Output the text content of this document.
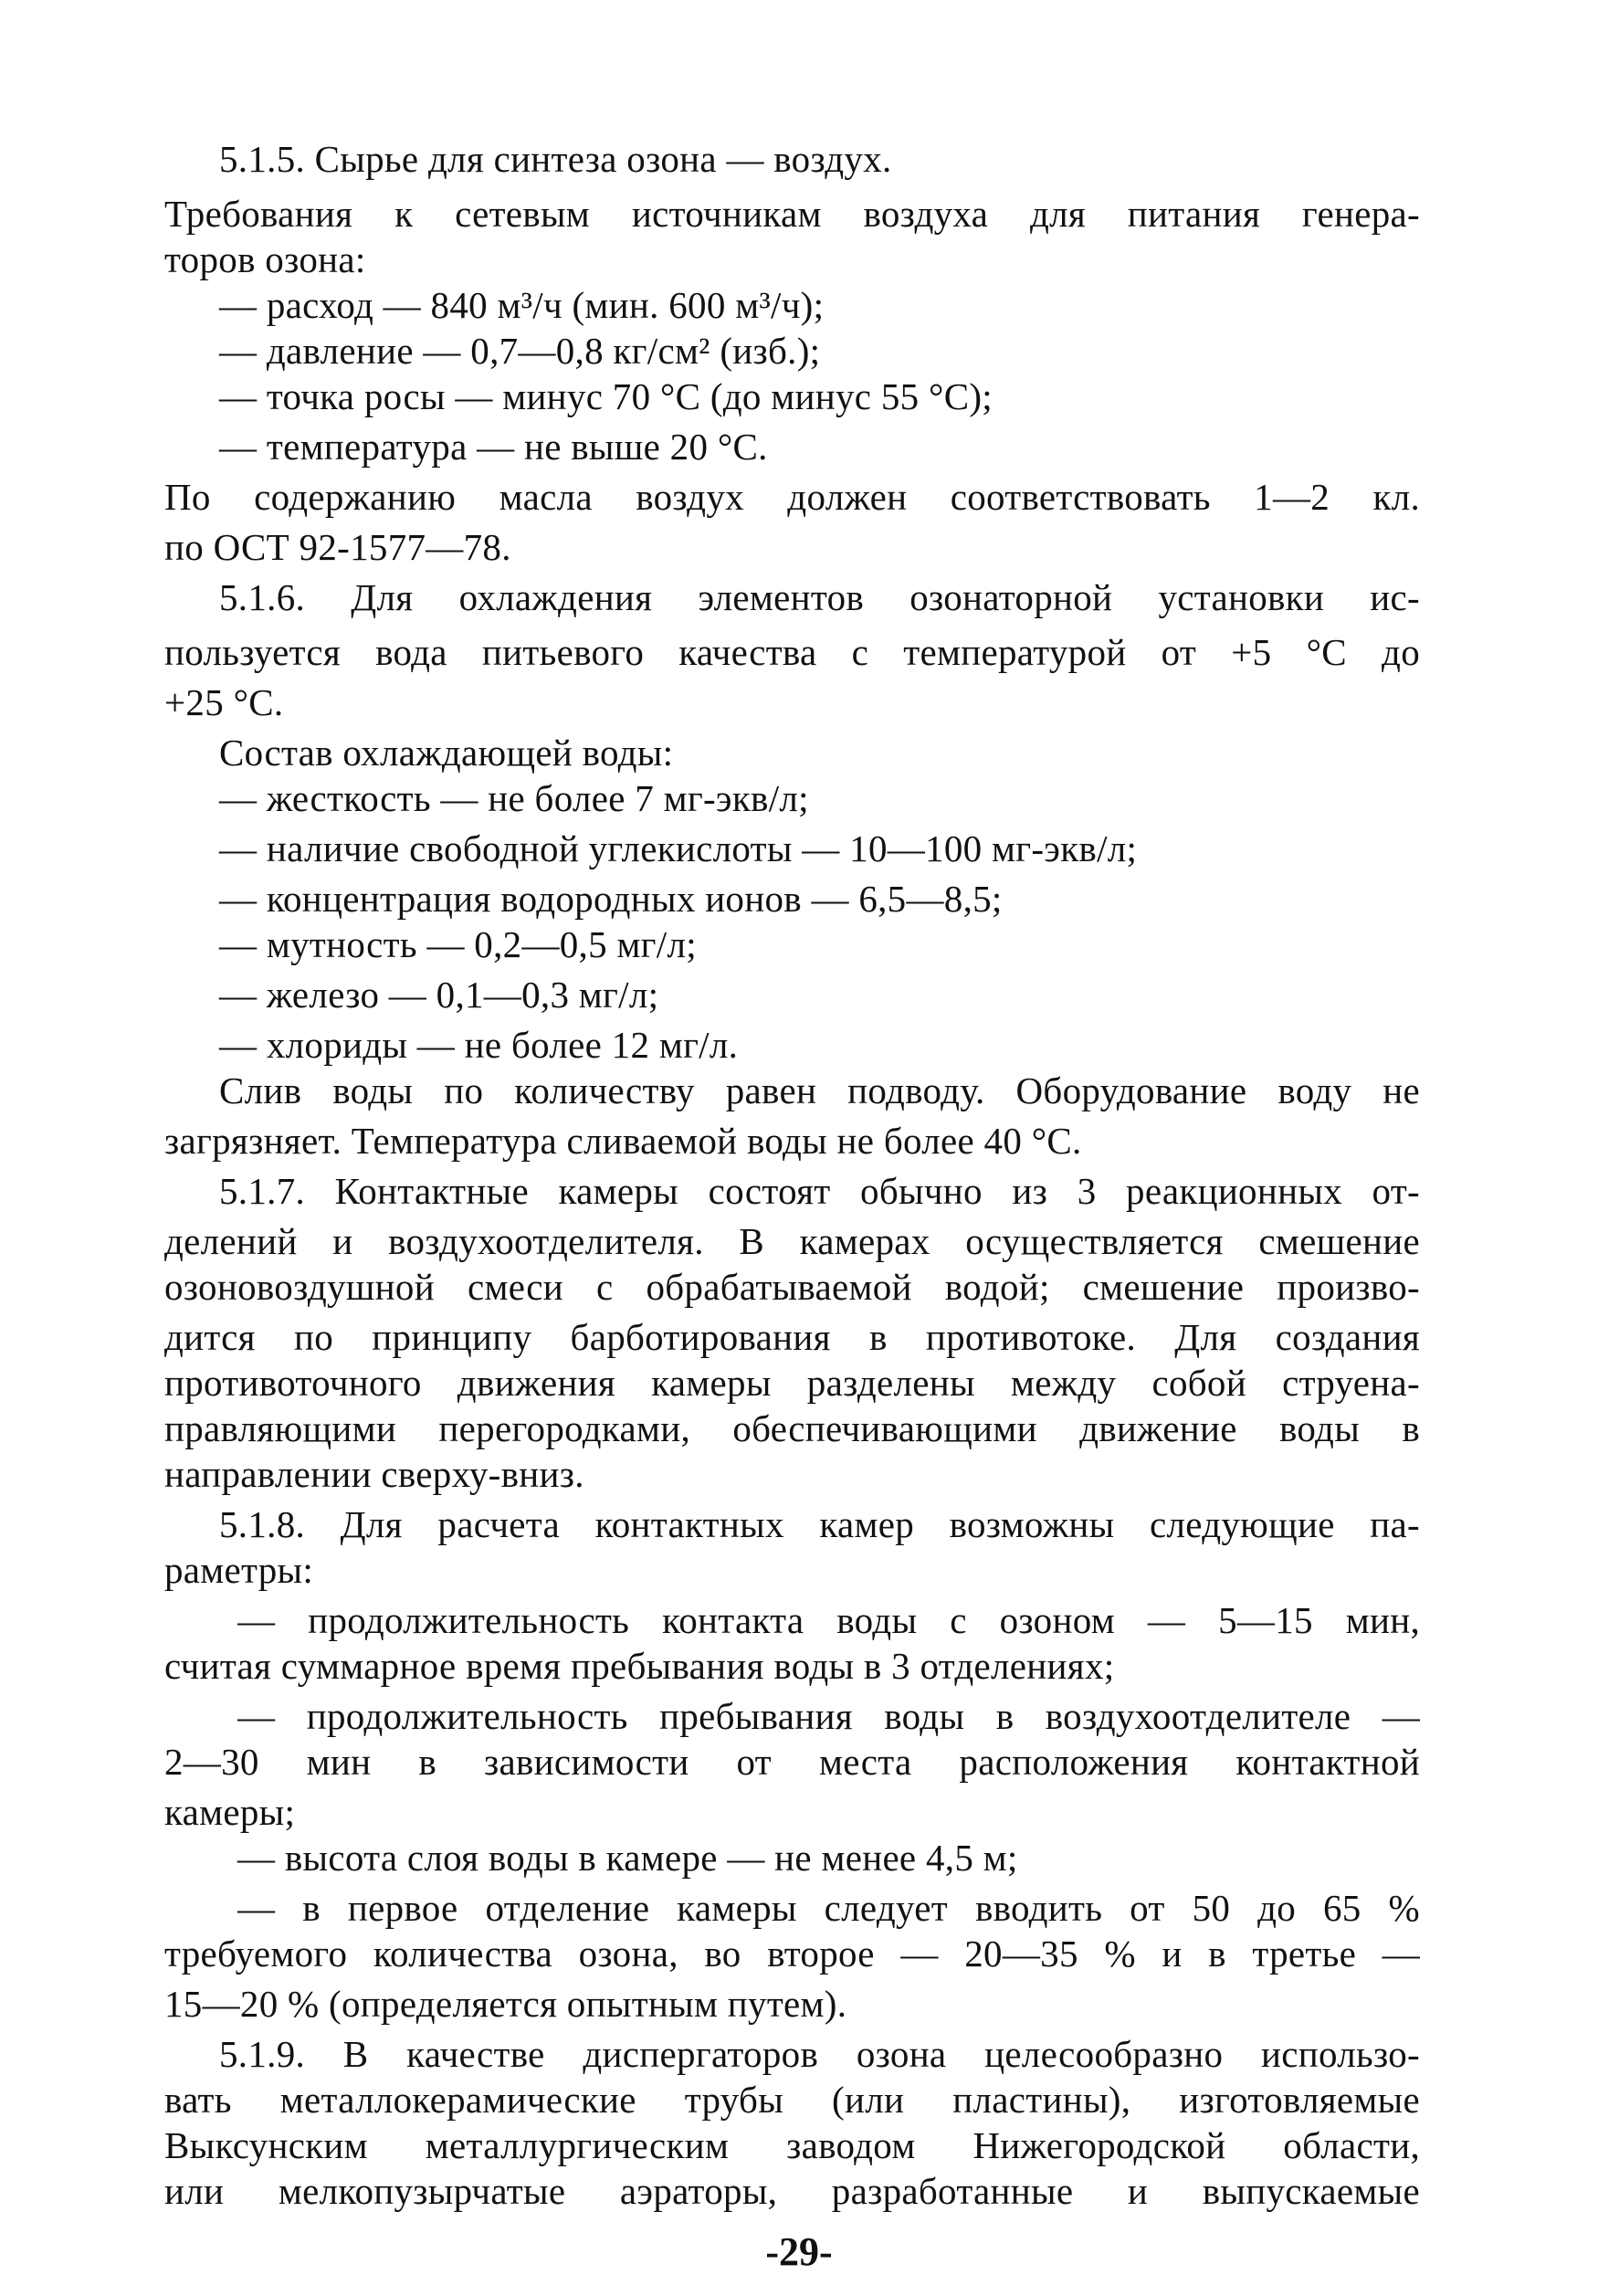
5.1.5. Сырье для синтеза озона — воздух.
Требования к сетевым источникам воздуха для питания генера-
торов озона:
— расход — 840 м³/ч (мин. 600 м³/ч);
— давление — 0,7—0,8 кг/см² (изб.);
— точка росы — минус 70 °С (до минус 55 °С);
— температура — не выше 20 °С.
По содержанию масла воздух должен соответствовать 1—2 кл.
по ОСТ 92-1577—78.
5.1.6. Для охлаждения элементов озонаторной установки ис-
пользуется вода питьевого качества с температурой от +5 °С до
+25 °С.
Состав охлаждающей воды:
— жесткость — не более 7 мг-экв/л;
— наличие свободной углекислоты — 10—100 мг-экв/л;
— концентрация водородных ионов — 6,5—8,5;
— мутность — 0,2—0,5 мг/л;
— железо — 0,1—0,3 мг/л;
— хлориды — не более 12 мг/л.
Слив воды по количеству равен подводу. Оборудование воду не
загрязняет. Температура сливаемой воды не более 40 °С.
5.1.7. Контактные камеры состоят обычно из 3 реакционных от-
делений и воздухоотделителя. В камерах осуществляется смешение
озоновоздушной смеси с обрабатываемой водой; смешение произво-
дится по принципу барботирования в противотоке. Для создания
противоточного движения камеры разделены между собой струена-
правляющими перегородками, обеспечивающими движение воды в
направлении сверху-вниз.
5.1.8. Для расчета контактных камер возможны следующие па-
раметры:
— продолжительность контакта воды с озоном — 5—15 мин,
считая суммарное время пребывания воды в 3 отделениях;
— продолжительность пребывания воды в воздухоотделителе —
2—30 мин в зависимости от места расположения контактной
камеры;
— высота слоя воды в камере — не менее 4,5 м;
— в первое отделение камеры следует вводить от 50 до 65 %
требуемого количества озона, во второе — 20—35 % и в третье —
15—20 % (определяется опытным путем).
5.1.9. В качестве диспергаторов озона целесообразно использо-
вать металлокерамические трубы (или пластины), изготовляемые
Выксунским металлургическим заводом Нижегородской области,
или мелкопузырчатые аэраторы, разработанные и выпускаемые
-29-
